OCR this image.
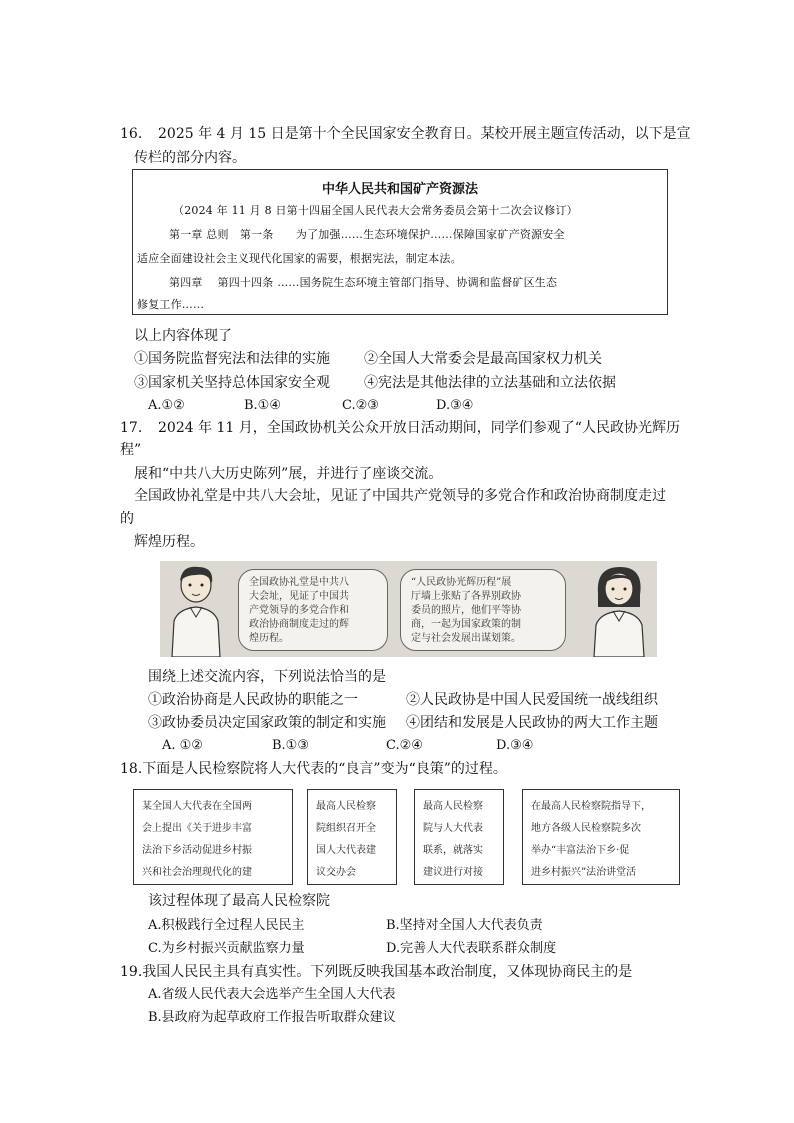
16. 2025 年 4 月 15 日是第十个全民国家安全教育日。某校开展主题宣传活动，以下是宣
传栏的部分内容。
中华人民共和国矿产资源法
（2024 年 11 月 8 日第十四届全国人民代表大会常务委员会第十二次会议修订）
第一章 总则　第一条　　为了加强……生态环境保护……保障国家矿产资源安全
适应全面建设社会主义现代化国家的需要，根据宪法，制定本法。
第四章　 第四十四条 ……国务院生态环境主管部门指导、协调和监督矿区生态
修复工作……
以上内容体现了
①国务院监督宪法和法律的实施 ②全国人大常委会是最高国家权力机关
③国家机关坚持总体国家安全观 ④宪法是其他法律的立法基础和立法依据
A.①②	B.①④	C.②③	D.③④
17. 2024 年 11 月，全国政协机关公众开放日活动期间，同学们参观了“人民政协光辉历
程”
展和“中共八大历史陈列”展，并进行了座谈交流。
全国政协礼堂是中共八大会址，见证了中国共产党领导的多党合作和政治协商制度走过
的
辉煌历程。
全国政协礼堂是中共八
大会址，见证了中国共
产党领导的多党合作和
政治协商制度走过的辉
煌历程。
“人民政协光辉历程”展
厅墙上张贴了各界别政协
委员的照片，他们平等协
商，一起为国家政策的制
定与社会发展出谋划策。
围绕上述交流内容，下列说法恰当的是
①政治协商是人民政协的职能之一	②人民政协是中国人民爱国统一战线组织
③政协委员决定国家政策的制定和实施 ④团结和发展是人民政协的两大工作主题
A. ①②	B.①③	C.②④	D.③④
18.下面是人民检察院将人大代表的“良言”变为“良策”的过程。
某全国人大代表在全国两
会上提出《关于进步丰富
法治下乡活动促进乡村振
兴和社会治理现代化的建
最高人民检察
院组织召开全
国人大代表建
议交办会
最高人民检察
院与人大代表
联系，就落实
建议进行对接
在最高人民检察院指导下，
地方各级人民检察院多次
举办“丰富法治下乡·促
进乡村振兴”法治讲堂活
该过程体现了最高人民检察院
A.积极践行全过程人民民主	B.坚持对全国人大代表负责
C.为乡村振兴贡献监察力量	D.完善人大代表联系群众制度
19.我国人民民主具有真实性。下列既反映我国基本政治制度，又体现协商民主的是
A.省级人民代表大会选举产生全国人大代表
B.县政府为起草政府工作报告听取群众建议
